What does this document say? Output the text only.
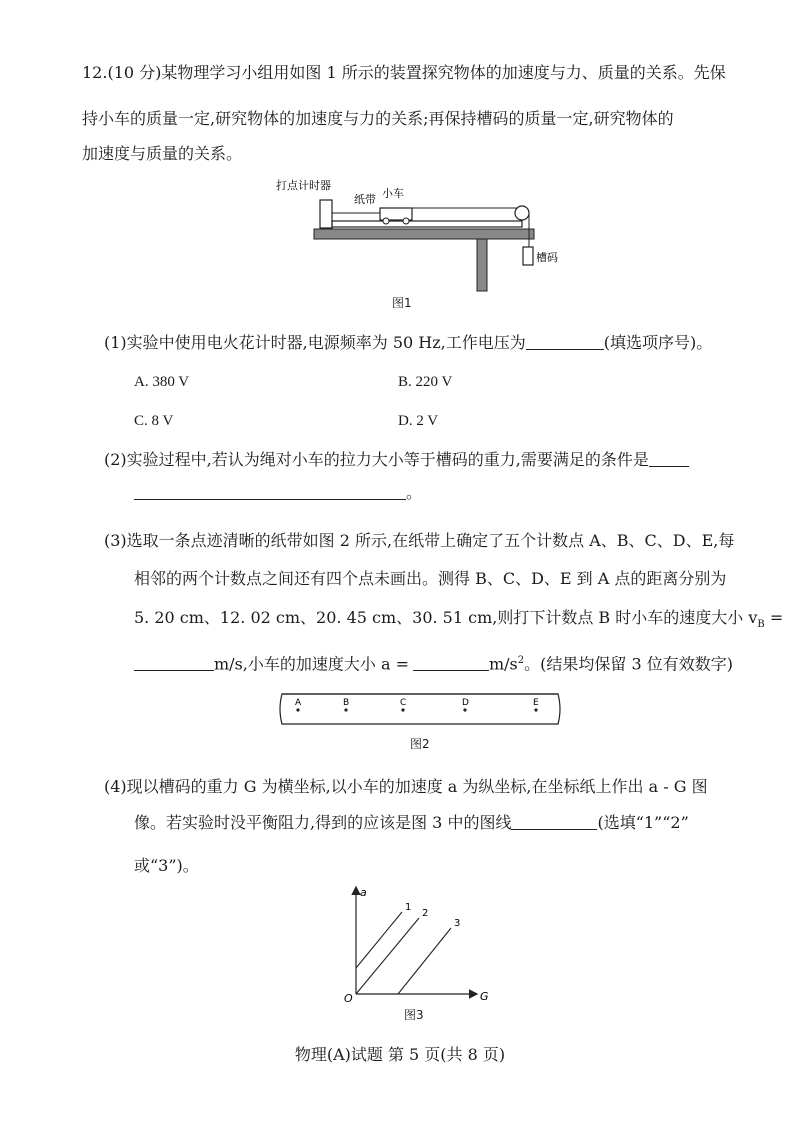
12.(10 分)某物理学习小组用如图 1 所示的装置探究物体的加速度与力、质量的关系。先保
持小车的质量一定,研究物体的加速度与力的关系;再保持槽码的质量一定,研究物体的
加速度与质量的关系。
打点计时器
纸带 小车
槽码
图1
(1)实验中使用电火花计时器,电源频率为 50 Hz,工作电压为	(填选项序号)。
A. 380 V	B. 220 V
C. 8 V	D. 2 V
(2)实验过程中,若认为绳对小车的拉力大小等于槽码的重力,需要满足的条件是
。
(3)选取一条点迹清晰的纸带如图 2 所示,在纸带上确定了五个计数点 A、B、C、D、E,每
相邻的两个计数点之间还有四个点未画出。测得 B、C、D、E 到 A 点的距离分别为
5. 20 cm、12. 02 cm、20. 45 cm、30. 51 cm,则打下计数点 B 时小车的速度大小 $v_B$ =
m/s,小车的加速度大小 a =	$m/s^2$。(结果均保留 3 位有效数字)
A	B	C	D	E
图2
(4)现以槽码的重力 G 为横坐标,以小车的加速度 a 为纵坐标,在坐标纸上作出 a - G 图
像。若实验时没平衡阻力,得到的应该是图 3 中的图线	(选填“1”“2”
或“3”)。
a
G
O
1
2
3
图3
物理(A)试题 第 5 页(共 8 页)
